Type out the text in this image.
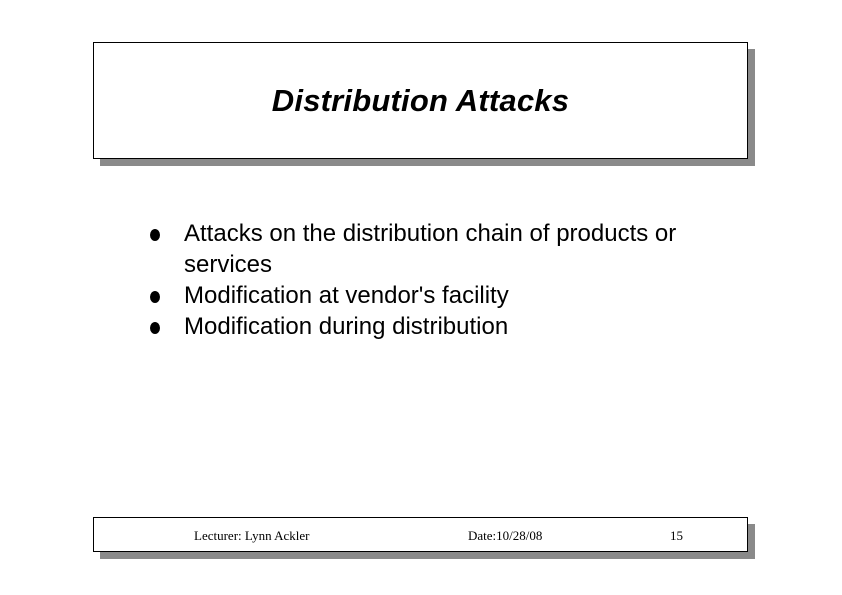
Distribution Attacks
Attacks on the distribution chain of products or services
Modification at vendor's facility
Modification during distribution
Lecturer: Lynn Ackler	Date:10/28/08	15
